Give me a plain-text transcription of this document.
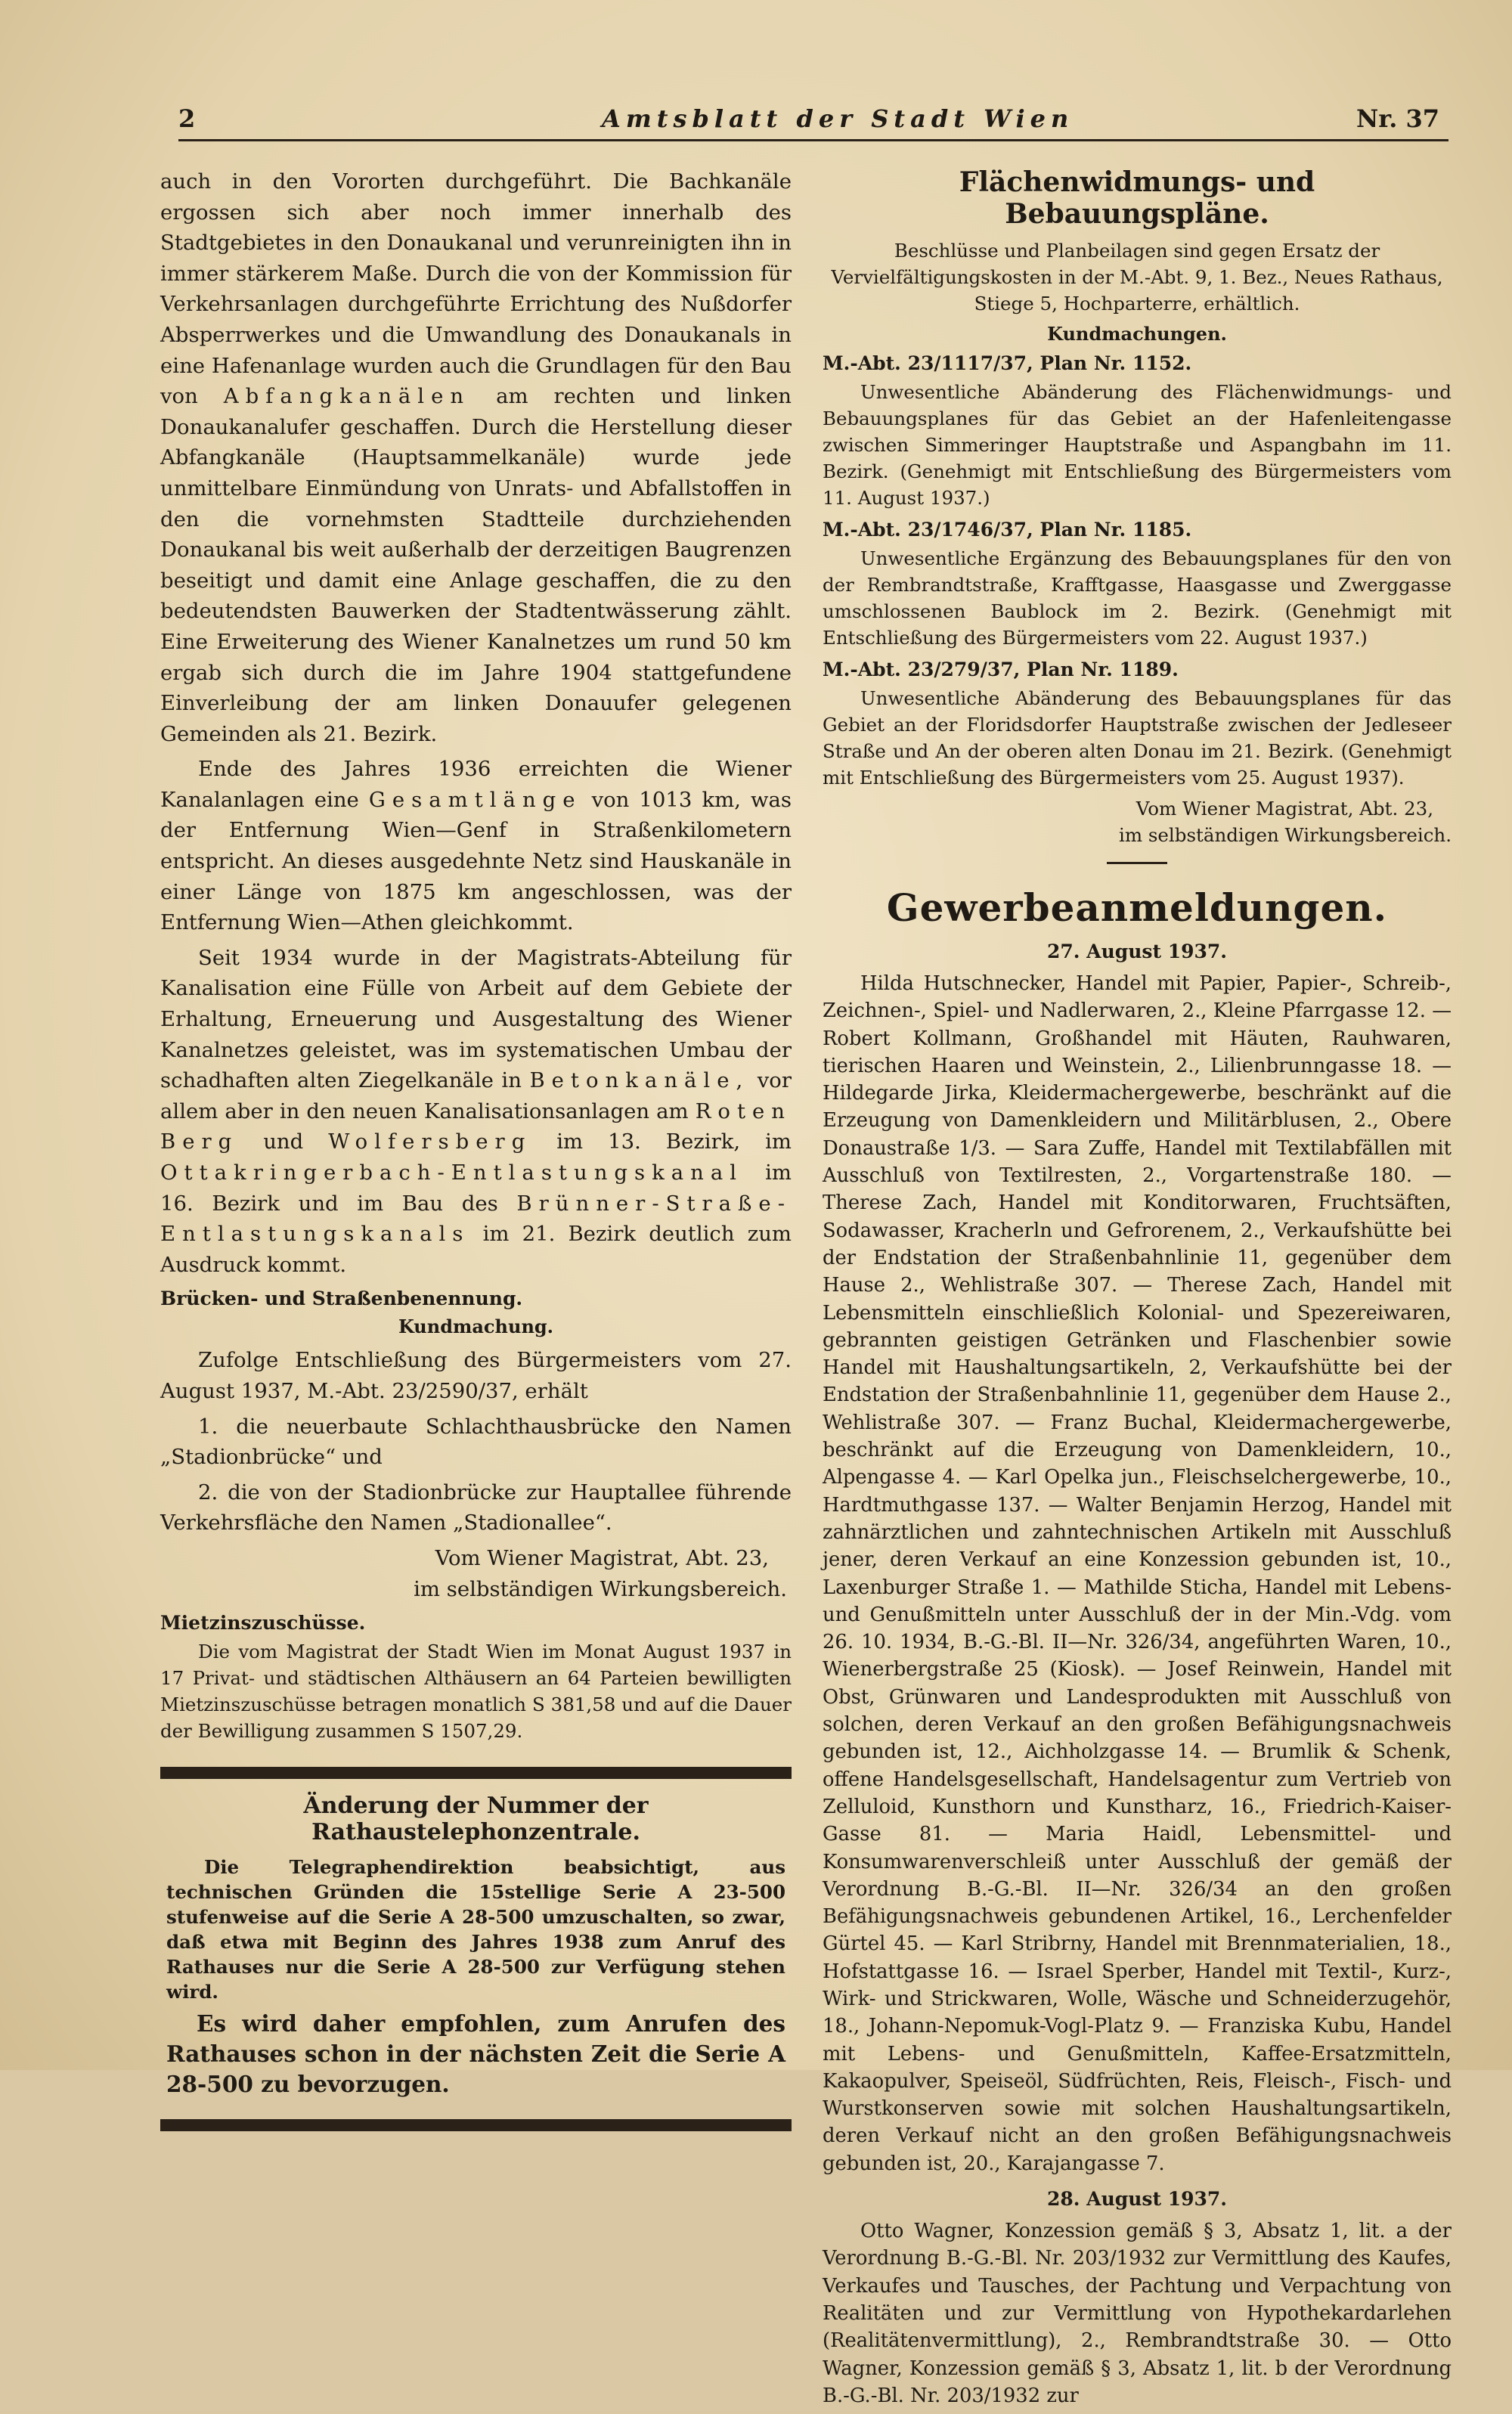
2	Amtsblatt der Stadt Wien	Nr. 37

auch in den Vororten durchgeführt. Die Bachkanäle ergossen sich aber noch immer innerhalb des Stadtgebietes in den Donaukanal und verunreinigten ihn in immer stärkerem Maße. Durch die von der Kommission für Verkehrsanlagen durchgeführte Errichtung des Nußdorfer Absperrwerkes und die Umwandlung des Donaukanals in eine Hafenanlage wurden auch die Grundlagen für den Bau von Abfangkanälen am rechten und linken Donaukanalufer geschaffen. Durch die Herstellung dieser Abfangkanäle (Hauptsammelkanäle) wurde jede unmittelbare Einmündung von Unrats- und Abfallstoffen in den die vornehmsten Stadtteile durchziehenden Donaukanal bis weit außerhalb der derzeitigen Baugrenzen beseitigt und damit eine Anlage geschaffen, die zu den bedeutendsten Bauwerken der Stadtentwässerung zählt. Eine Erweiterung des Wiener Kanalnetzes um rund 50 km ergab sich durch die im Jahre 1904 stattgefundene Einverleibung der am linken Donauufer gelegenen Gemeinden als 21. Bezirk.

Ende des Jahres 1936 erreichten die Wiener Kanalanlagen eine Gesamtlänge von 1013 km, was der Entfernung Wien—Genf in Straßenkilometern entspricht. An dieses ausgedehnte Netz sind Hauskanäle in einer Länge von 1875 km angeschlossen, was der Entfernung Wien—Athen gleichkommt.

Seit 1934 wurde in der Magistrats-Abteilung für Kanalisation eine Fülle von Arbeit auf dem Gebiete der Erhaltung, Erneuerung und Ausgestaltung des Wiener Kanalnetzes geleistet, was im systematischen Umbau der schadhaften alten Ziegelkanäle in Betonkanäle, vor allem aber in den neuen Kanalisationsanlagen am Roten Berg und Wolfersberg im 13. Bezirk, im Ottakringerbach-Entlastungskanal im 16. Bezirk und im Bau des Brünner-Straße-Entlastungskanals im 21. Bezirk deutlich zum Ausdruck kommt.

Brücken- und Straßenbenennung.
Kundmachung.

Zufolge Entschließung des Bürgermeisters vom 27. August 1937, M.-Abt. 23/2590/37, erhält

1. die neuerbaute Schlachthausbrücke den Namen „Stadionbrücke“ und

2. die von der Stadionbrücke zur Hauptallee führende Verkehrsfläche den Namen „Stadionallee“.

Vom Wiener Magistrat, Abt. 23,

im selbständigen Wirkungsbereich.

Mietzinszuschüsse.

Die vom Magistrat der Stadt Wien im Monat August 1937 in 17 Privat- und städtischen Althäusern an 64 Parteien bewilligten Mietzinszuschüsse betragen monatlich S 381,58 und auf die Dauer der Bewilligung zusammen S 1507,29.

Änderung der Nummer der Rathaustelephonzentrale.

Die Telegraphendirektion beabsichtigt, aus technischen Gründen die 15stellige Serie A 23-500 stufenweise auf die Serie A 28-500 umzuschalten, so zwar, daß etwa mit Beginn des Jahres 1938 zum Anruf des Rathauses nur die Serie A 28-500 zur Verfügung stehen wird.

Es wird daher empfohlen, zum Anrufen des Rathauses schon in der nächsten Zeit die Serie A 28-500 zu bevorzugen.

Flächenwidmungs- und Bebauungspläne.

Beschlüsse und Planbeilagen sind gegen Ersatz der Vervielfältigungskosten in der M.-Abt. 9, 1. Bez., Neues Rathaus, Stiege 5, Hochparterre, erhältlich.

Kundmachungen.
M.-Abt. 23/1117/37, Plan Nr. 1152.

Unwesentliche Abänderung des Flächenwidmungs- und Bebauungsplanes für das Gebiet an der Hafenleitengasse zwischen Simmeringer Hauptstraße und Aspangbahn im 11. Bezirk. (Genehmigt mit Entschließung des Bürgermeisters vom 11. August 1937.)

M.-Abt. 23/1746/37, Plan Nr. 1185.

Unwesentliche Ergänzung des Bebauungsplanes für den von der Rembrandtstraße, Krafftgasse, Haasgasse und Zwerggasse umschlossenen Baublock im 2. Bezirk. (Genehmigt mit Entschließung des Bürgermeisters vom 22. August 1937.)

M.-Abt. 23/279/37, Plan Nr. 1189.

Unwesentliche Abänderung des Bebauungsplanes für das Gebiet an der Floridsdorfer Hauptstraße zwischen der Jedleseer Straße und An der oberen alten Donau im 21. Bezirk. (Genehmigt mit Entschließung des Bürgermeisters vom 25. August 1937).

Vom Wiener Magistrat, Abt. 23,

im selbständigen Wirkungsbereich.

Gewerbeanmeldungen.
27. August 1937.

Hilda Hutschnecker, Handel mit Papier, Papier-, Schreib-, Zeichnen-, Spiel- und Nadlerwaren, 2., Kleine Pfarrgasse 12. — Robert Kollmann, Großhandel mit Häuten, Rauhwaren, tierischen Haaren und Weinstein, 2., Lilienbrunngasse 18. — Hildegarde Jirka, Kleidermachergewerbe, beschränkt auf die Erzeugung von Damenkleidern und Militärblusen, 2., Obere Donaustraße 1/3. — Sara Zuffe, Handel mit Textilabfällen mit Ausschluß von Textilresten, 2., Vorgartenstraße 180. — Therese Zach, Handel mit Konditorwaren, Fruchtsäften, Sodawasser, Kracherln und Gefrorenem, 2., Verkaufshütte bei der Endstation der Straßenbahnlinie 11, gegenüber dem Hause 2., Wehlistraße 307. — Therese Zach, Handel mit Lebensmitteln einschließlich Kolonial- und Spezereiwaren, gebrannten geistigen Getränken und Flaschenbier sowie Handel mit Haushaltungsartikeln, 2, Verkaufshütte bei der Endstation der Straßenbahnlinie 11, gegenüber dem Hause 2., Wehlistraße 307. — Franz Buchal, Kleidermachergewerbe, beschränkt auf die Erzeugung von Damenkleidern, 10., Alpengasse 4. — Karl Opelka jun., Fleischselchergewerbe, 10., Hardtmuthgasse 137. — Walter Benjamin Herzog, Handel mit zahnärztlichen und zahntechnischen Artikeln mit Ausschluß jener, deren Verkauf an eine Konzession gebunden ist, 10., Laxenburger Straße 1. — Mathilde Sticha, Handel mit Lebens- und Genußmitteln unter Ausschluß der in der Min.-Vdg. vom 26. 10. 1934, B.-G.-Bl. II—Nr. 326/34, angeführten Waren, 10., Wienerbergstraße 25 (Kiosk). — Josef Reinwein, Handel mit Obst, Grünwaren und Landesprodukten mit Ausschluß von solchen, deren Verkauf an den großen Befähigungsnachweis gebunden ist, 12., Aichholzgasse 14. — Brumlik & Schenk, offene Handelsgesellschaft, Handelsagentur zum Vertrieb von Zelluloid, Kunsthorn und Kunstharz, 16., Friedrich-Kaiser-Gasse 81. — Maria Haidl, Lebensmittel- und Konsumwarenverschleiß unter Ausschluß der gemäß der Verordnung B.-G.-Bl. II—Nr. 326/34 an den großen Befähigungsnachweis gebundenen Artikel, 16., Lerchenfelder Gürtel 45. — Karl Stribrny, Handel mit Brennmaterialien, 18., Hofstattgasse 16. — Israel Sperber, Handel mit Textil-, Kurz-, Wirk- und Strickwaren, Wolle, Wäsche und Schneiderzugehör, 18., Johann-Nepomuk-Vogl-Platz 9. — Franziska Kubu, Handel mit Lebens- und Genußmitteln, Kaffee-Ersatzmitteln, Kakaopulver, Speiseöl, Südfrüchten, Reis, Fleisch-, Fisch- und Wurstkonserven sowie mit solchen Haushaltungsartikeln, deren Verkauf nicht an den großen Befähigungsnachweis gebunden ist, 20., Karajangasse 7.

28. August 1937.

Otto Wagner, Konzession gemäß § 3, Absatz 1, lit. a der Verordnung B.-G.-Bl. Nr. 203/1932 zur Vermittlung des Kaufes, Verkaufes und Tausches, der Pachtung und Verpachtung von Realitäten und zur Vermittlung von Hypothekardarlehen (Realitätenvermittlung), 2., Rembrandtstraße 30. — Otto Wagner, Konzession gemäß § 3, Absatz 1, lit. b der Verordnung B.-G.-Bl. Nr. 203/1932 zur
